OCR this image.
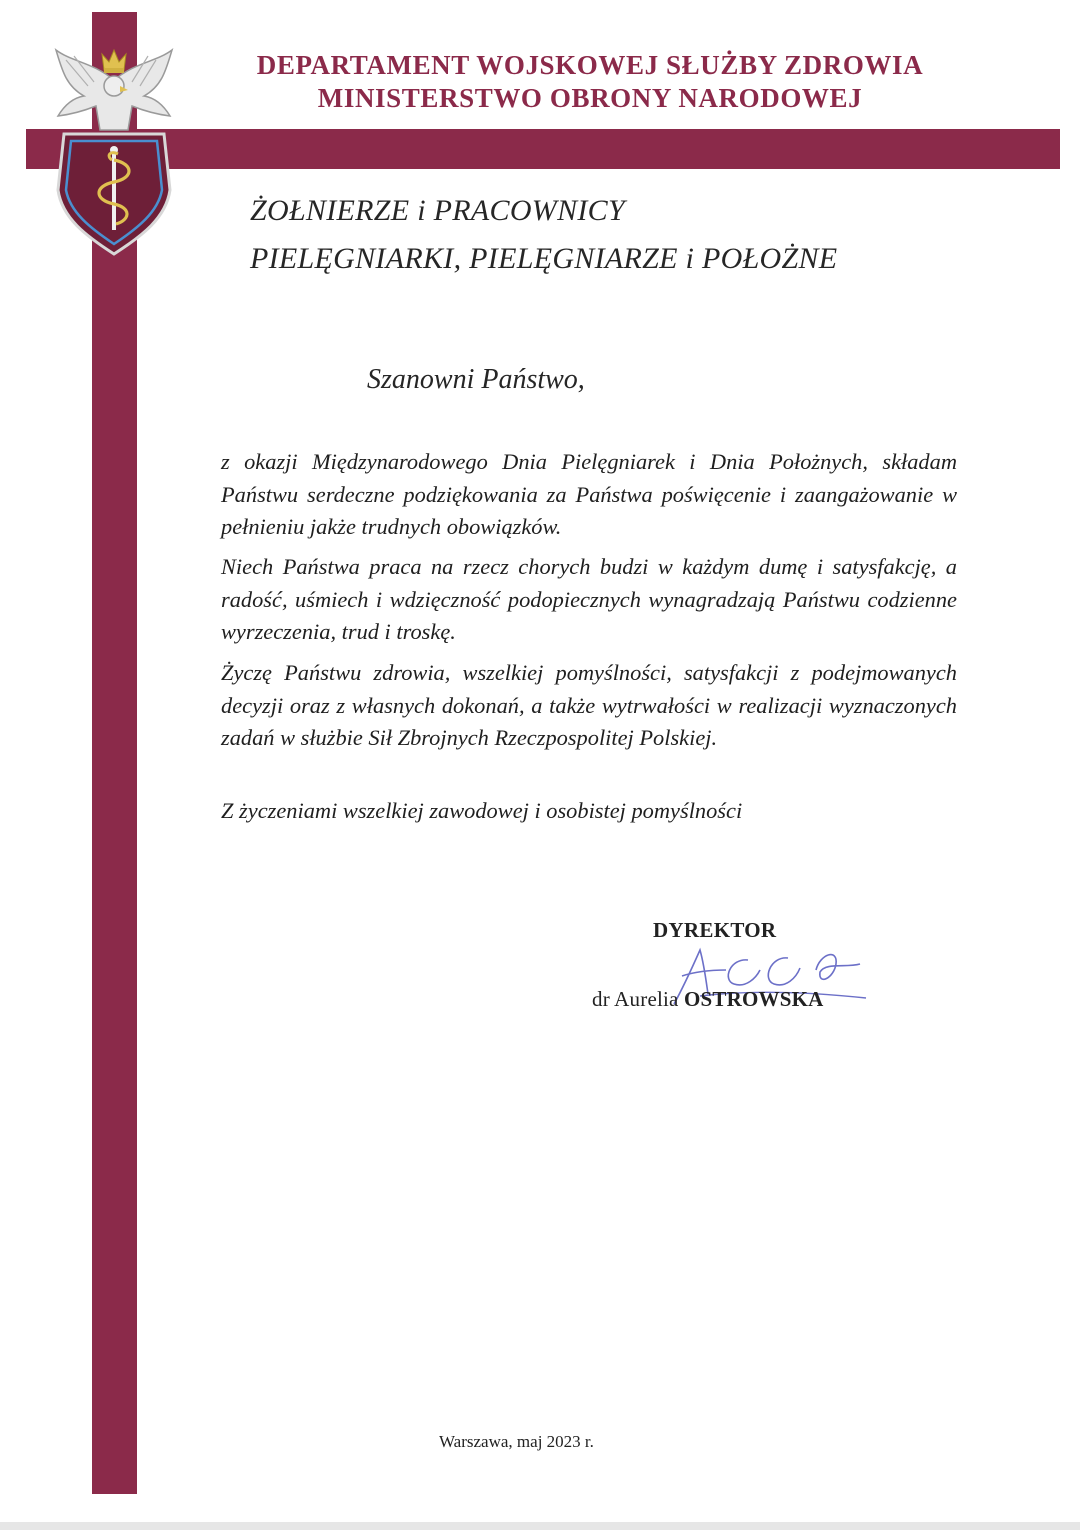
DEPARTAMENT WOJSKOWEJ SŁUŻBY ZDROWIA
MINISTERSTWO OBRONY NARODOWEJ
ŻOŁNIERZE i PRACOWNICY
PIELĘGNIARKI, PIELĘGNIARZE i POŁOŻNE
Szanowni Państwo,
z okazji Międzynarodowego Dnia Pielęgniarek i Dnia Położnych, składam Państwu serdeczne podziękowania za Państwa poświęcenie i zaangażowanie w pełnieniu jakże trudnych obowiązków.
Niech Państwa praca na rzecz chorych budzi w każdym dumę i satysfakcję, a radość, uśmiech i wdzięczność podopiecznych wynagradzają Państwu codzienne wyrzeczenia, trud i troskę.
Życzę Państwu zdrowia, wszelkiej pomyślności, satysfakcji z podejmowanych decyzji oraz z własnych dokonań, a także wytrwałości w realizacji wyznaczonych zadań w służbie Sił Zbrojnych Rzeczpospolitej Polskiej.
Z życzeniami wszelkiej zawodowej i osobistej pomyślności
DYREKTOR
dr Aurelia OSTROWSKA
Warszawa, maj 2023 r.
